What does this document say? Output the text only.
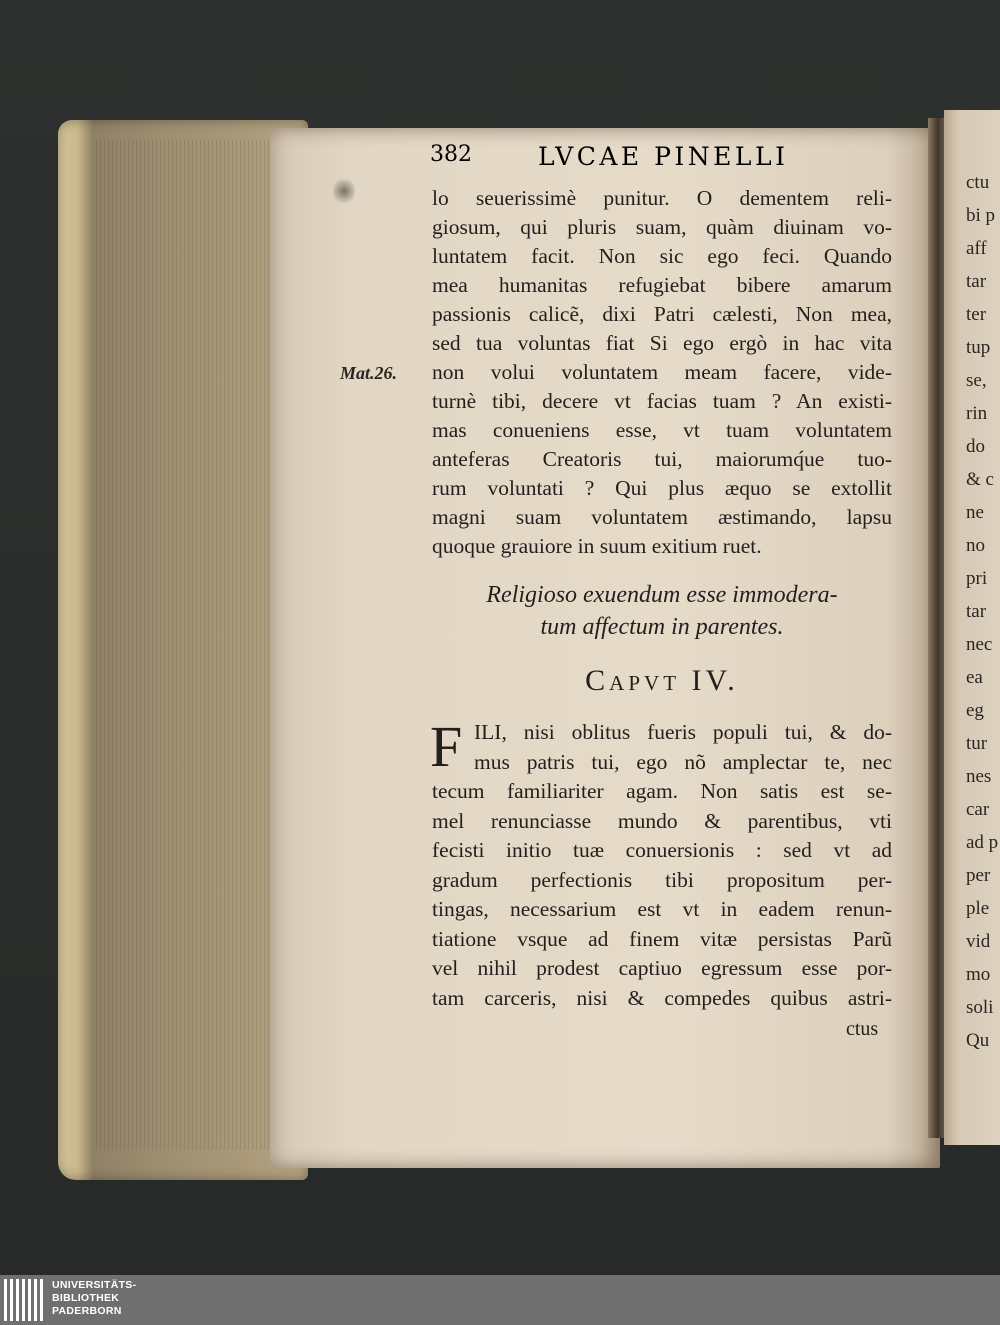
ctu
bi p
aff
tar
ter
tup
se,
rin
do
& c
ne
no
pri
tar
nec
ea
eg
tur
nes
car
ad p
per
ple
vid
mo
soli
Qu
382	LVCAE PINELLI
Mat.26.
lo seuerissimè punitur. O dementem reli-
giosum, qui pluris suam, quàm diuinam vo-
luntatem facit. Non sic ego feci. Quando
mea humanitas refugiebat bibere amarum
passionis calicẽ, dixi Patri cælesti, Non mea,
sed tua voluntas fiat Si ego ergò in hac vita
non volui voluntatem meam facere, vide-
turnè tibi, decere vt facias tuam ? An existi-
mas conueniens esse, vt tuam voluntatem
anteferas Creatoris tui, maiorumq́ue tuo-
rum voluntati ? Qui plus æquo se extollit
magni suam voluntatem æstimando, lapsu
quoque grauiore in suum exitium ruet.
Religioso exuendum esse immodera-
tum affectum in parentes.
Capvt IV.
F ILI, nisi oblitus fueris populi tui, & do-
mus patris tui, ego nõ amplectar te, nec
tecum familiariter agam. Non satis est se-
mel renunciasse mundo & parentibus, vti
fecisti initio tuæ conuersionis : sed vt ad
gradum perfectionis tibi propositum per-
tingas, necessarium est vt in eadem renun-
tiatione vsque ad finem vitæ persistas Parũ
vel nihil prodest captiuo egressum esse por-
tam carceris, nisi & compedes quibus astri-
ctus
UNIVERSITÄTS-
BIBLIOTHEK
PADERBORN
